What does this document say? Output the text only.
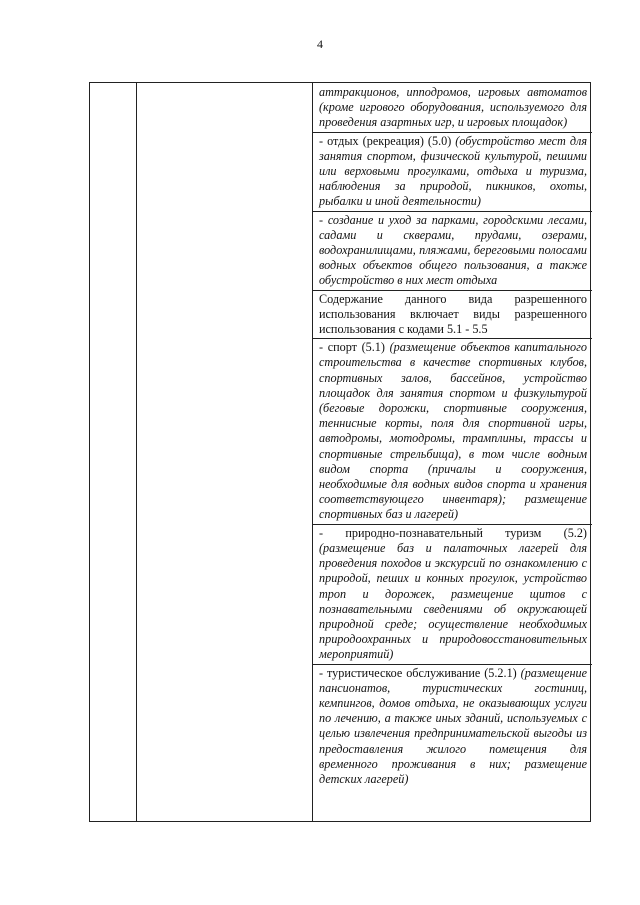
4

аттракционов, ипподромов, игровых автоматов (кроме игрового оборудования, используемого для проведения азартных игр, и игровых площадок)

- отдых (рекреация) (5.0) (обустройство мест для занятия спортом, физической культурой, пешими или верховыми прогулками, отдыха и туризма, наблюдения за природой, пикников, охоты, рыбалки и иной деятельности)

- создание и уход за парками, городскими лесами, садами и скверами, прудами, озерами, водохранилищами, пляжами, береговыми полосами водных объектов общего пользования, а также обустройство в них мест отдыха

Содержание данного вида разрешенного использования включает виды разрешенного использования с кодами 5.1 - 5.5

- спорт (5.1) (размещение объектов капитального строительства в качестве спортивных клубов, спортивных залов, бассейнов, устройство площадок для занятия спортом и физкультурой (беговые дорожки, спортивные сооружения, теннисные корты, поля для спортивной игры, автодромы, мотодромы, трамплины, трассы и спортивные стрельбища), в том числе водным видом спорта (причалы и сооружения, необходимые для водных видов спорта и хранения соответствующего инвентаря); размещение спортивных баз и лагерей)

- природно-познавательный туризм (5.2) (размещение баз и палаточных лагерей для проведения походов и экскурсий по ознакомлению с природой, пеших и конных прогулок, устройство троп и дорожек, размещение щитов с познавательными сведениями об окружающей природной среде; осуществление необходимых природоохранных и природовосстановительных мероприятий)

- туристическое обслуживание (5.2.1) (размещение пансионатов, туристических гостиниц, кемпингов, домов отдыха, не оказывающих услуги по лечению, а также иных зданий, используемых с целью извлечения предпринимательской выгоды из предоставления жилого помещения для временного проживания в них; размещение детских лагерей)
